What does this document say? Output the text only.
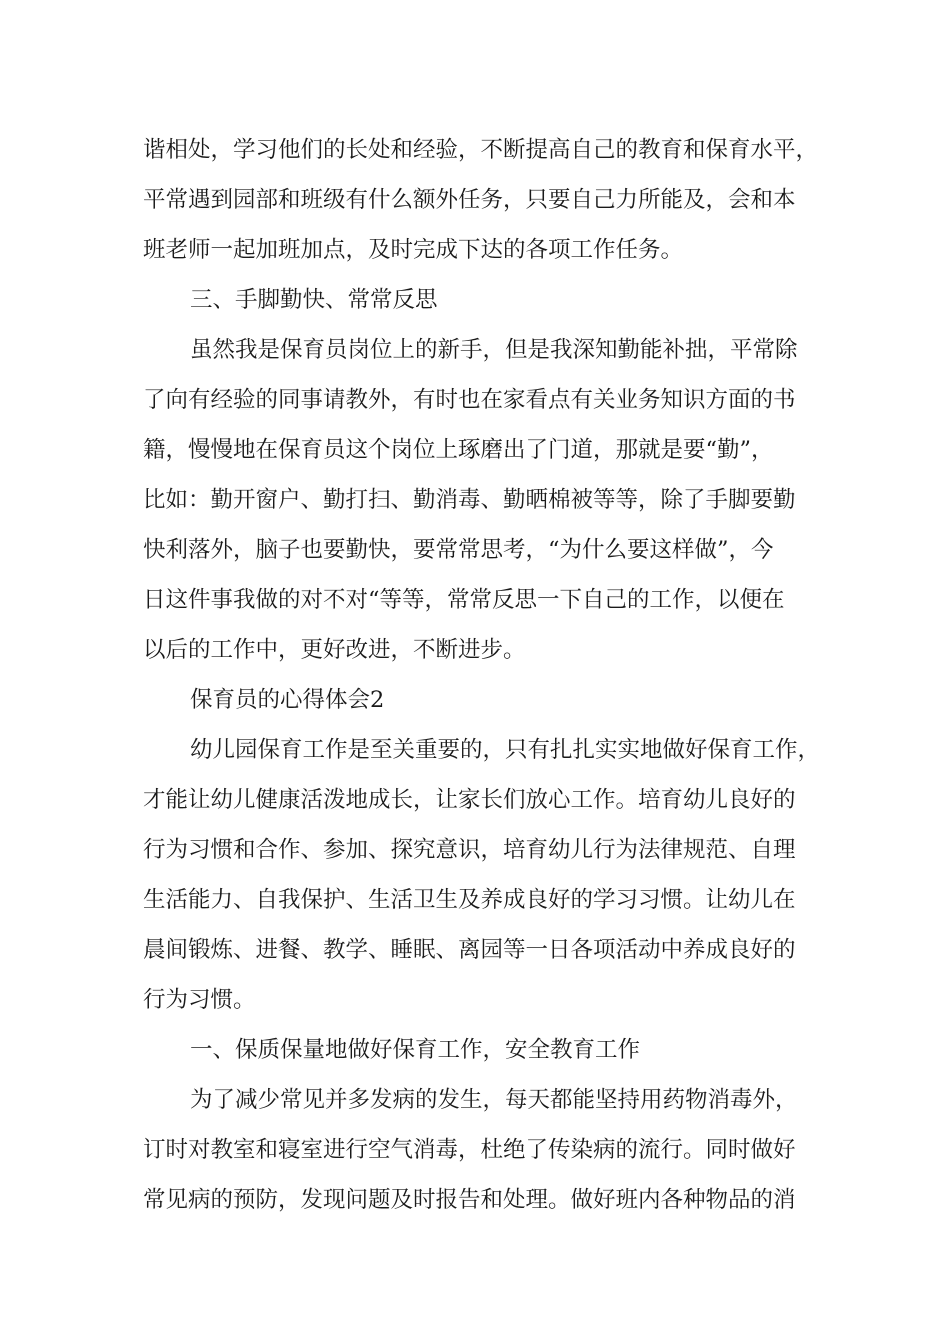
谐相处，学习他们的长处和经验，不断提高自己的教育和保育水平，
平常遇到园部和班级有什么额外任务，只要自己力所能及，会和本
班老师一起加班加点，及时完成下达的各项工作任务。
三、手脚勤快、常常反思
虽然我是保育员岗位上的新手，但是我深知勤能补拙，平常除
了向有经验的同事请教外，有时也在家看点有关业务知识方面的书
籍，慢慢地在保育员这个岗位上琢磨出了门道，那就是要“勤”，
比如：勤开窗户、勤打扫、勤消毒、勤晒棉被等等，除了手脚要勤
快利落外，脑子也要勤快，要常常思考，“为什么要这样做”，今
日这件事我做的对不对“等等，常常反思一下自己的工作，以便在
以后的工作中，更好改进，不断进步。
保育员的心得体会2
幼儿园保育工作是至关重要的，只有扎扎实实地做好保育工作，
才能让幼儿健康活泼地成长，让家长们放心工作。培育幼儿良好的
行为习惯和合作、参加、探究意识，培育幼儿行为法律规范、自理
生活能力、自我保护、生活卫生及养成良好的学习习惯。让幼儿在
晨间锻炼、进餐、教学、睡眠、离园等一日各项活动中养成良好的
行为习惯。
一、保质保量地做好保育工作，安全教育工作
为了减少常见并多发病的发生，每天都能坚持用药物消毒外，
订时对教室和寝室进行空气消毒，杜绝了传染病的流行。同时做好
常见病的预防，发现问题及时报告和处理。做好班内各种物品的消
